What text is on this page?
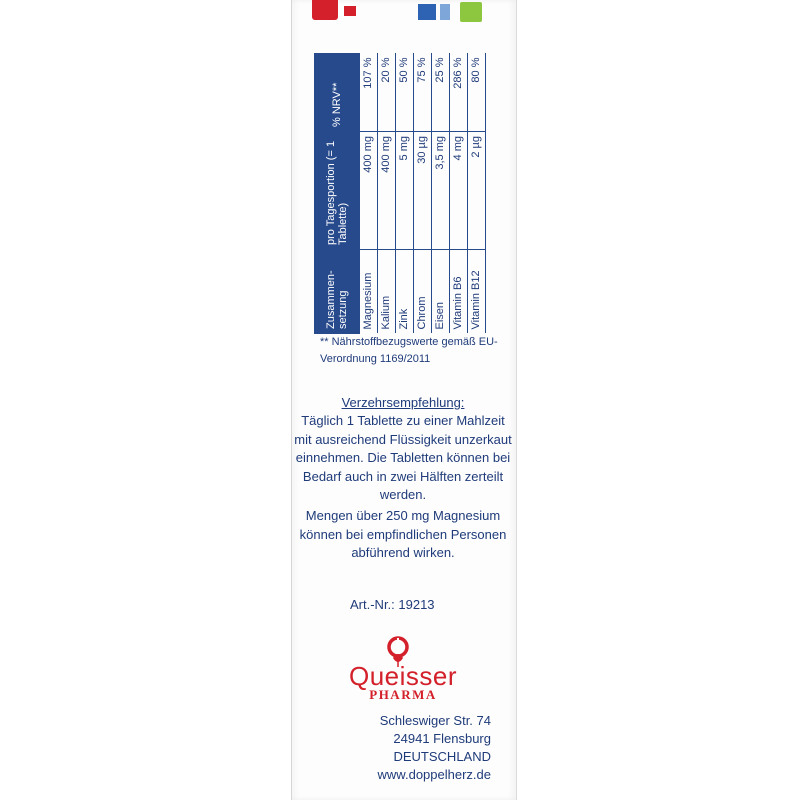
Zusammen-setzung	pro Tagesportion (= 1 Tablette)	% NRV**
Magnesium	400 mg	107 %
Kalium	400 mg	20 %
Zink	5 mg	50 %
Chrom	30 µg	75 %
Eisen	3,5 mg	25 %
Vitamin B6	4 mg	286 %
Vitamin B12	2 µg	80 %
** Nährstoffbezugswerte gemäß EU-Verordnung 1169/2011
Verzehrsempfehlung:
Täglich 1 Tablette zu einer Mahlzeit mit ausreichend Flüssigkeit unzerkaut einnehmen. Die Tabletten können bei Bedarf auch in zwei Hälften zerteilt werden.
Mengen über 250 mg Magnesium können bei empfindlichen Personen abführend wirken.
Art.-Nr.: 19213
Queisser
PHARMA
Schleswiger Str. 74
24941 Flensburg
DEUTSCHLAND
www.doppelherz.de
